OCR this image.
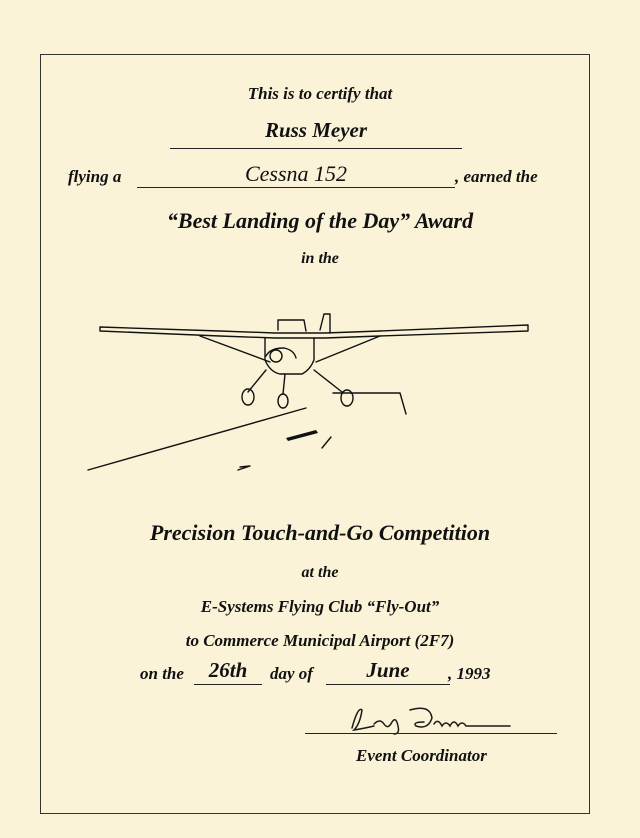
This is to certify that
Russ Meyer
flying a	Cessna 152	, earned the
“Best Landing of the Day” Award
in the
Precision Touch-and-Go Competition
at the
E-Systems Flying Club “Fly-Out”
to Commerce Municipal Airport (2F7)
on the	26th	day of	June	, 1993
Event Coordinator
